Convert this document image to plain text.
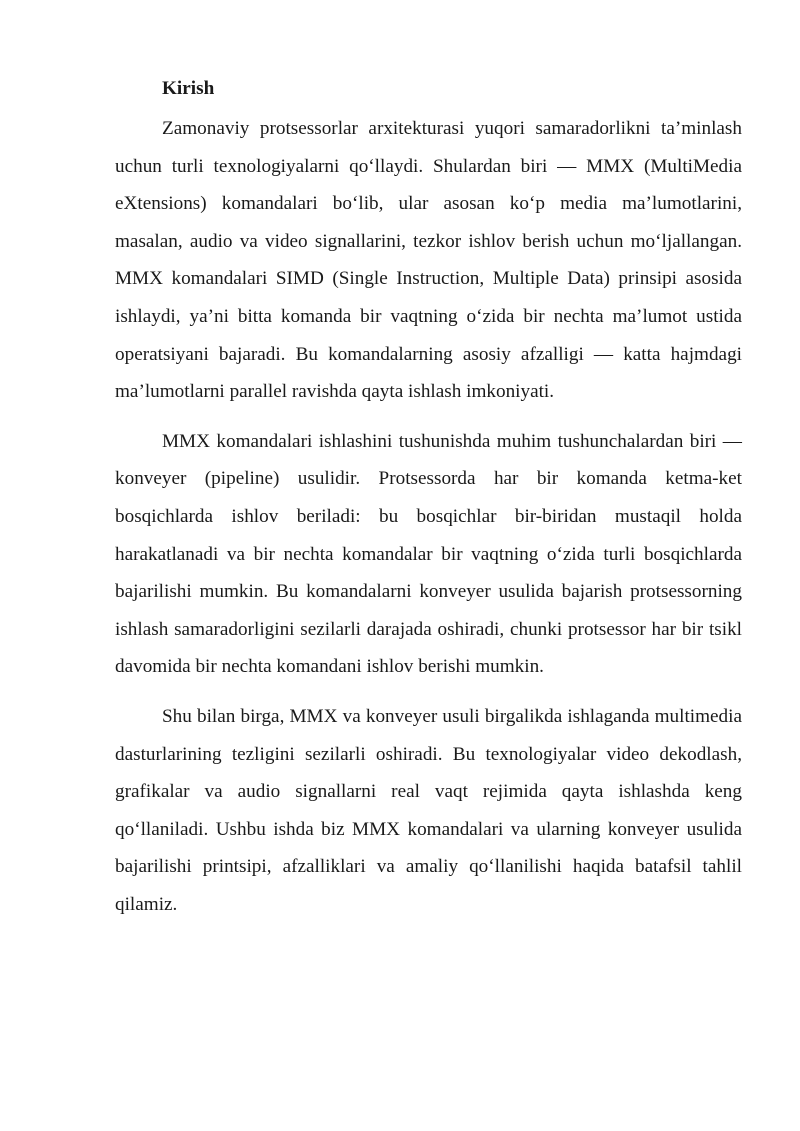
Kirish

Zamonaviy protsessorlar arxitekturasi yuqori samaradorlikni ta’minlash uchun turli texnologiyalarni qo‘llaydi. Shulardan biri — MMX (MultiMedia eXtensions) komandalari bo‘lib, ular asosan ko‘p media ma’lumotlarini, masalan, audio va video signallarini, tezkor ishlov berish uchun mo‘ljallangan. MMX komandalari SIMD (Single Instruction, Multiple Data) prinsipi asosida ishlaydi, ya’ni bitta komanda bir vaqtning o‘zida bir nechta ma’lumot ustida operatsiyani bajaradi. Bu komandalarning asosiy afzalligi — katta hajmdagi ma’lumotlarni parallel ravishda qayta ishlash imkoniyati.

MMX komandalari ishlashini tushunishda muhim tushunchalardan biri — konveyer (pipeline) usulidir. Protsessorda har bir komanda ketma-ket bosqichlarda ishlov beriladi: bu bosqichlar bir-biridan mustaqil holda harakatlanadi va bir nechta komandalar bir vaqtning o‘zida turli bosqichlarda bajarilishi mumkin. Bu komandalarni konveyer usulida bajarish protsessorning ishlash samaradorligini sezilarli darajada oshiradi, chunki protsessor har bir tsikl davomida bir nechta komandani ishlov berishi mumkin.

Shu bilan birga, MMX va konveyer usuli birgalikda ishlaganda multimedia dasturlarining tezligini sezilarli oshiradi. Bu texnologiyalar video dekodlash, grafikalar va audio signallarni real vaqt rejimida qayta ishlashda keng qo‘llaniladi. Ushbu ishda biz MMX komandalari va ularning konveyer usulida bajarilishi printsipi, afzalliklari va amaliy qo‘llanilishi haqida batafsil tahlil qilamiz.
